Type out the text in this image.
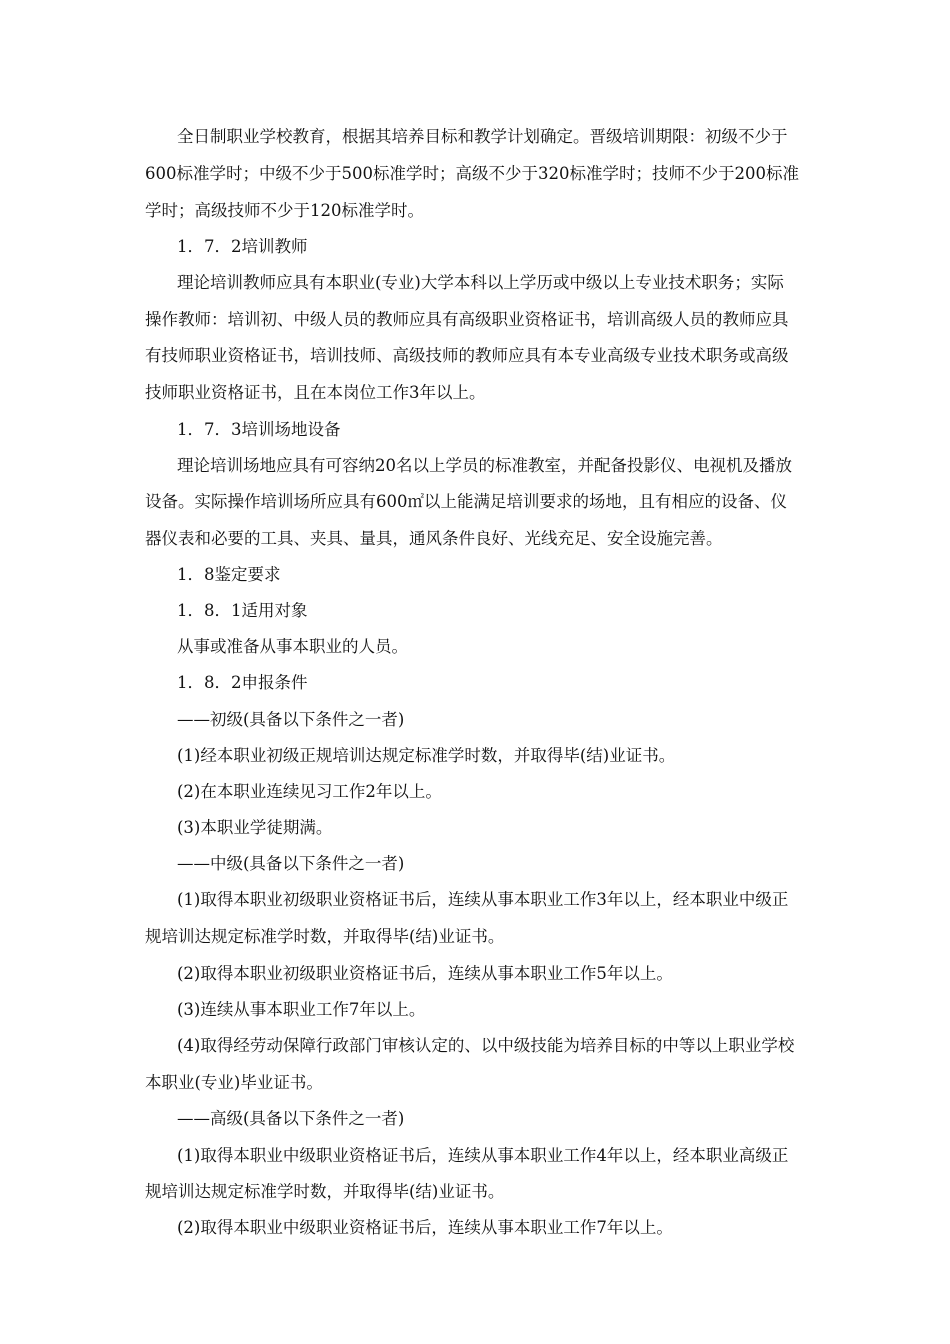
全日制职业学校教育，根据其培养目标和教学计划确定。晋级培训期限：初级不少于
600标准学时；中级不少于500标准学时；高级不少于320标准学时；技师不少于200标准
学时；高级技师不少于120标准学时。
1．7．2培训教师
理论培训教师应具有本职业(专业)大学本科以上学历或中级以上专业技术职务；实际
操作教师：培训初、中级人员的教师应具有高级职业资格证书，培训高级人员的教师应具
有技师职业资格证书，培训技师、高级技师的教师应具有本专业高级专业技术职务或高级
技师职业资格证书，且在本岗位工作3年以上。
1．7．3培训场地设备
理论培训场地应具有可容纳20名以上学员的标准教室，并配备投影仪、电视机及播放
设备。实际操作培训场所应具有600㎡以上能满足培训要求的场地，且有相应的设备、仪
器仪表和必要的工具、夹具、量具，通风条件良好、光线充足、安全设施完善。
1．8鉴定要求
1．8．1适用对象
从事或准备从事本职业的人员。
1．8．2申报条件
——初级(具备以下条件之一者)
(1)经本职业初级正规培训达规定标准学时数，并取得毕(结)业证书。
(2)在本职业连续见习工作2年以上。
(3)本职业学徒期满。
——中级(具备以下条件之一者)
(1)取得本职业初级职业资格证书后，连续从事本职业工作3年以上，经本职业中级正
规培训达规定标准学时数，并取得毕(结)业证书。
(2)取得本职业初级职业资格证书后，连续从事本职业工作5年以上。
(3)连续从事本职业工作7年以上。
(4)取得经劳动保障行政部门审核认定的、以中级技能为培养目标的中等以上职业学校
本职业(专业)毕业证书。
——高级(具备以下条件之一者)
(1)取得本职业中级职业资格证书后，连续从事本职业工作4年以上，经本职业高级正
规培训达规定标准学时数，并取得毕(结)业证书。
(2)取得本职业中级职业资格证书后，连续从事本职业工作7年以上。
